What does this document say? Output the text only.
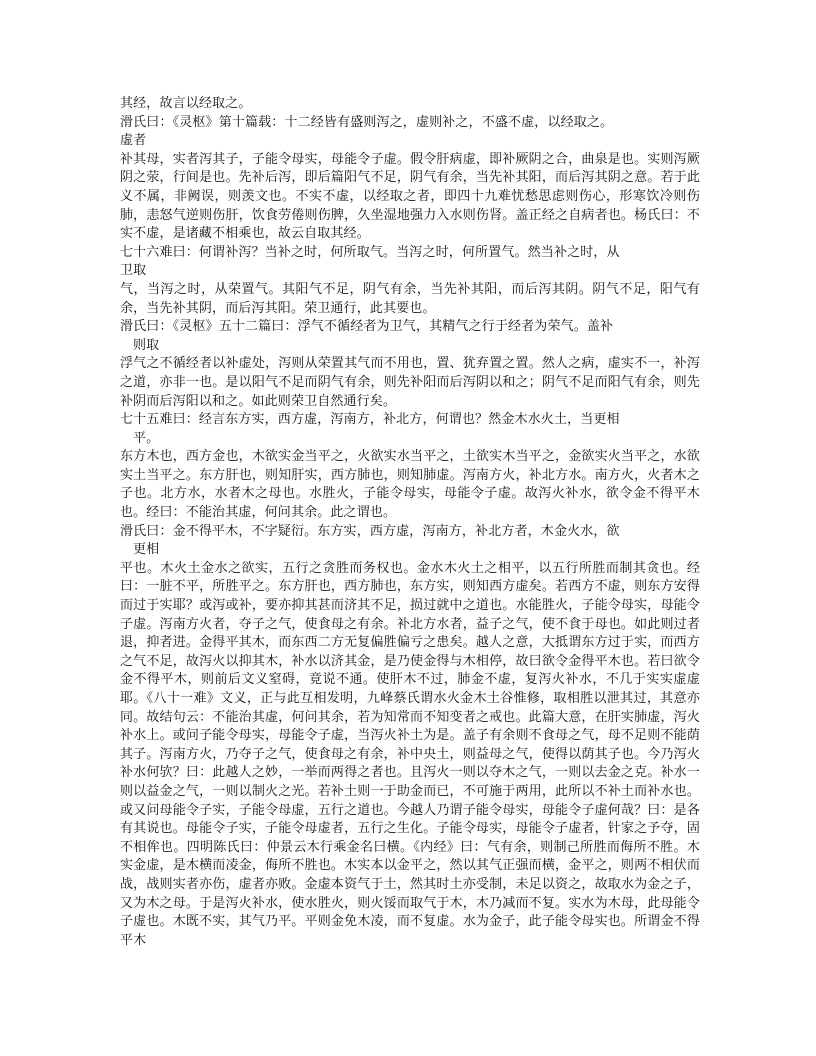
其经，故言以经取之。

滑氏曰：《灵枢》第十篇载：十二经皆有盛则泻之，虚则补之，不盛不虚，以经取之。

虚者

补其母，实者泻其子，子能令母实，母能令子虚。假令肝病虚，即补厥阴之合，曲泉是也。实则泻厥阴之荥，行间是也。先补后泻，即后篇阳气不足，阴气有余，当先补其阳，而后泻其阴之意。若于此义不属，非阙误，则羡文也。不实不虚，以经取之者，即四十九难忧愁思虑则伤心，形寒饮冷则伤肺，恚怒气逆则伤肝，饮食劳倦则伤脾，久坐湿地强力入水则伤肾。盖正经之自病者也。杨氏曰：不实不虚，是诸藏不相乘也，故云自取其经。

七十六难曰：何谓补泻？当补之时，何所取气。当泻之时，何所置气。然当补之时，从

卫取

气，当泻之时，从荣置气。其阳气不足，阴气有余，当先补其阳，而后泻其阴。阴气不足，阳气有余，当先补其阴，而后泻其阳。荣卫通行，此其要也。

滑氏曰：《灵枢》五十二篇曰：浮气不循经者为卫气，其精气之行于经者为荣气。盖补

则取

浮气之不循经者以补虚处，泻则从荣置其气而不用也，置、犹弃置之置。然人之病，虚实不一，补泻之道，亦非一也。是以阳气不足而阴气有余，则先补阳而后泻阴以和之；阴气不足而阳气有余，则先补阴而后泻阳以和之。如此则荣卫自然通行矣。

七十五难曰：经言东方实，西方虚，泻南方，补北方，何谓也？然金木水火土，当更相

平。

东方木也，西方金也，木欲实金当平之，火欲实水当平之，土欲实木当平之，金欲实火当平之，水欲实土当平之。东方肝也，则知肝实，西方肺也，则知肺虚。泻南方火，补北方水。南方火，火者木之子也。北方水，水者木之母也。水胜火，子能令母实，母能令子虚。故泻火补水，欲令金不得平木也。经曰：不能治其虚，何问其余。此之谓也。

滑氏曰：金不得平木，不字疑衍。东方实，西方虚，泻南方，补北方者，木金火水，欲

更相

平也。木火土金水之欲实，五行之贪胜而务权也。金水木火土之相平，以五行所胜而制其贪也。经曰：一脏不平，所胜平之。东方肝也，西方肺也，东方实，则知西方虚矣。若西方不虚，则东方安得而过于实耶？或泻或补，要亦抑其甚而济其不足，损过就中之道也。水能胜火，子能令母实，母能令子虚。泻南方火者，夺子之气，使食母之有余。补北方水者，益子之气，使不食于母也。如此则过者退，抑者进。金得平其木，而东西二方无复偏胜偏亏之患矣。越人之意，大抵谓东方过于实，而西方之气不足，故泻火以抑其木，补水以济其金，是乃使金得与木相停，故曰欲令金得平木也。若曰欲令金不得平木，则前后文义窒碍，竟说不通。使肝木不过，肺金不虚，复泻火补水，不几于实实虚虚耶。《八十一难》文义，正与此互相发明，九峰蔡氏谓水火金木土谷惟修，取相胜以泄其过，其意亦同。故结句云：不能治其虚，何问其余，若为知常而不知变者之戒也。此篇大意，在肝实肺虚，泻火补水上。或问子能令母实，母能令子虚，当泻火补土为是。盖子有余则不食母之气，母不足则不能荫其子。泻南方火，乃夺子之气，使食母之有余，补中央土，则益母之气，使得以荫其子也。今乃泻火补水何欤？曰：此越人之妙，一举而两得之者也。且泻火一则以夺木之气，一则以去金之克。补水一则以益金之气，一则以制火之光。若补土则一于助金而已，不可施于两用，此所以不补土而补水也。或又问母能令子实，子能令母虚，五行之道也。今越人乃谓子能令母实，母能令子虚何哉？曰：是各有其说也。母能令子实，子能令母虚者，五行之生化。子能令母实，母能令子虚者，针家之予夺，固不相侔也。四明陈氏曰：仲景云木行乘金名曰横。《内经》曰：气有余，则制己所胜而侮所不胜。木实金虚，是木横而凌金，侮所不胜也。木实本以金平之，然以其气正强而横，金平之，则两不相伏而战，战则实者亦伤，虚者亦败。金虚本资气于土，然其时土亦受制，未足以资之，故取水为金之子，又为木之母。于是泻火补水，使水胜火，则火馁而取气于木，木乃减而不复。实水为木母，此母能令子虚也。木既不实，其气乃平。平则金免木凌，而不复虚。水为金子，此子能令母实也。所谓金不得平木
